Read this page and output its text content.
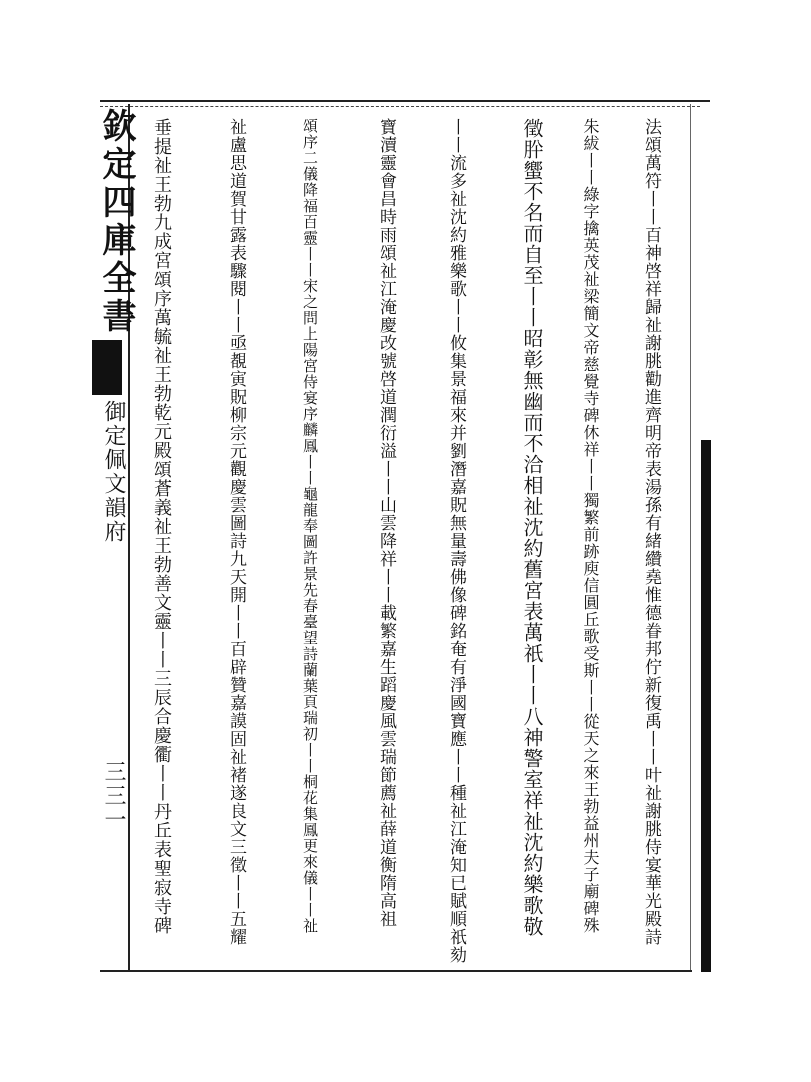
欽定四庫全書
御定佩文韻府
三三一	法頌萬符丨丨百神啓祥歸祉謝朓勸進齊明帝表湯孫有緒纘堯惟德眷邦佇新復禹丨丨叶祉謝朓侍宴華光殿詩
朱紱丨丨綠字擒英茂祉梁簡文帝慈覺寺碑休祥丨丨獨繁前跡庾信圓丘歌受斯丨丨從天之來王勃益州夫子廟碑殊
徵肸蠁不名而自至丨丨昭彰無幽而不洽相祉沈約舊宮表萬祇丨丨八神警室祥祉沈約樂歌敬
丨丨流多祉沈約雅樂歌丨丨攸集景福來并劉潛嘉貺無量壽佛像碑銘奄有淨國寶應丨丨種祉江淹知已賦順祇劾
寶瀆靈會昌時雨頌祉江淹慶改號啓道潤衍溢丨丨山雲降祥丨丨載繁嘉生蹈慶風雲瑞節薦祉薛道衡隋高祖
頌序二儀降福百靈丨丨宋之問上陽宮侍宴序麟鳳丨丨龜龍奉圖許景先春臺望詩蘭葉頁瑞初丨丨桐花集鳳更來儀丨丨祉
祉盧思道賀甘露表驟閱丨丨亟覩寅貺柳宗元觀慶雲圖詩九天開丨丨百辟贊嘉謨固祉褚遂良文三徵丨丨五耀
垂提祉王勃九成宮頌序萬毓祉王勃乾元殿頌蒼義祉王勃善文靈丨丨三辰合慶衢丨丨丹丘表聖寂寺碑
